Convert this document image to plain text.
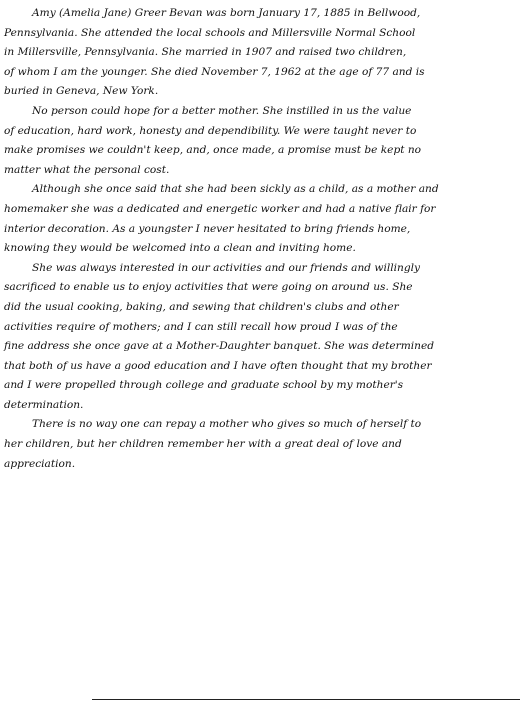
Amy (Amelia Jane) Greer Bevan was born January 17, 1885 in Bellwood,
Pennsylvania. She attended the local schools and Millersville Normal School
in Millersville, Pennsylvania. She married in 1907 and raised two children,
of whom I am the younger. She died November 7, 1962 at the age of 77 and is
buried in Geneva, New York.
No person could hope for a better mother. She instilled in us the value
of education, hard work, honesty and dependibility. We were taught never to
make promises we couldn't keep, and, once made, a promise must be kept no
matter what the personal cost.
Although she once said that she had been sickly as a child, as a mother and
homemaker she was a dedicated and energetic worker and had a native flair for
interior decoration. As a youngster I never hesitated to bring friends home,
knowing they would be welcomed into a clean and inviting home.
She was always interested in our activities and our friends and willingly
sacrificed to enable us to enjoy activities that were going on around us. She
did the usual cooking, baking, and sewing that children's clubs and other
activities require of mothers; and I can still recall how proud I was of the
fine address she once gave at a Mother-Daughter banquet. She was determined
that both of us have a good education and I have often thought that my brother
and I were propelled through college and graduate school by my mother's
determination.
There is no way one can repay a mother who gives so much of herself to
her children, but her children remember her with a great deal of love and
appreciation.
